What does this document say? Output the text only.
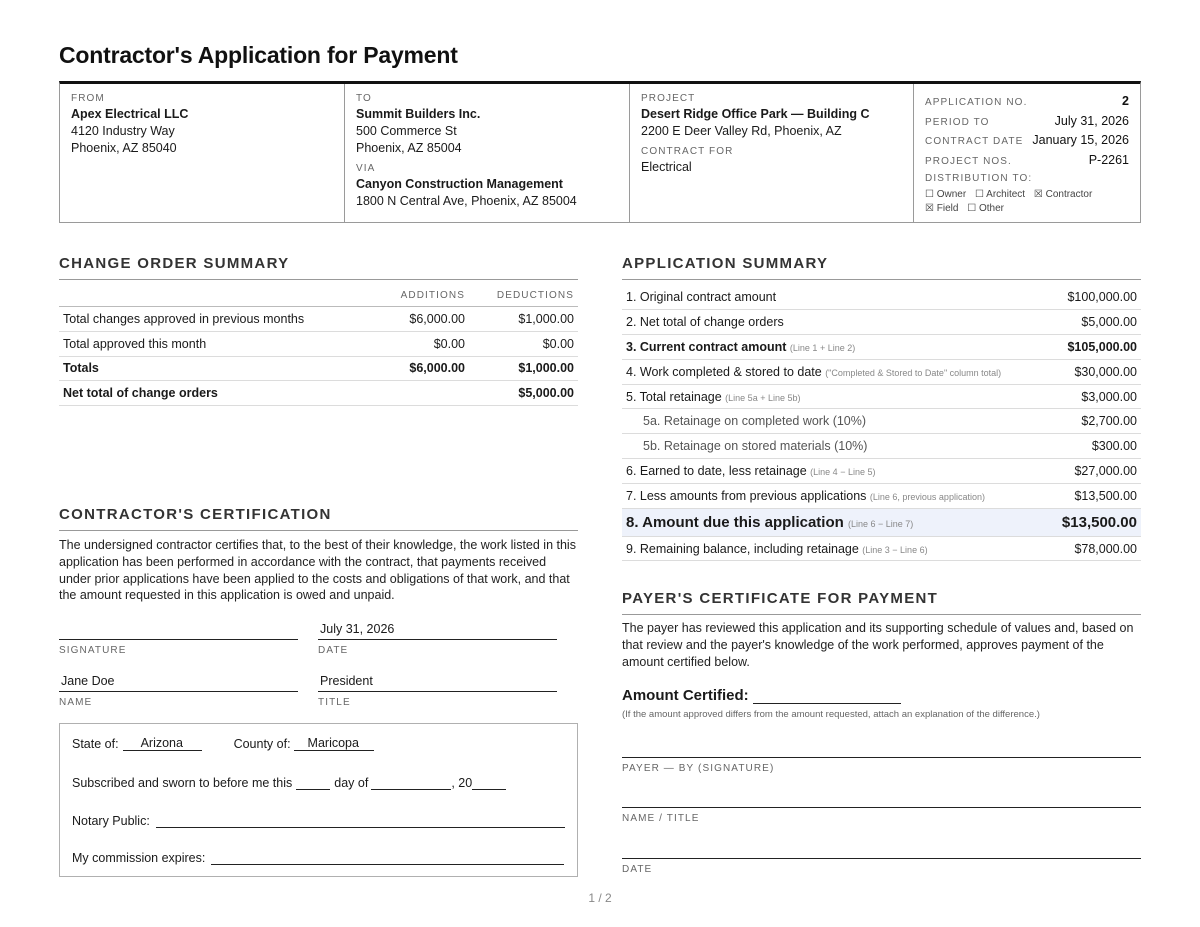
Contractor's Application for Payment
FROM
Apex Electrical LLC
4120 Industry Way
Phoenix, AZ 85040
TO
Summit Builders Inc.
500 Commerce St
Phoenix, AZ 85004
VIA
Canyon Construction Management
1800 N Central Ave, Phoenix, AZ 85004
PROJECT
Desert Ridge Office Park — Building C
2200 E Deer Valley Rd, Phoenix, AZ
CONTRACT FOR
Electrical
APPLICATION NO.	2
PERIOD TO	July 31, 2026
CONTRACT DATE January 15, 2026
PROJECT NOS.	P-2261
DISTRIBUTION TO:
☐ Owner ☐ Architect ☒ Contractor ☒ Field ☐ Other
CHANGE ORDER SUMMARY
	ADDITIONS	DEDUCTIONS
Total changes approved in previous months	$6,000.00	$1,000.00
Total approved this month	$0.00	$0.00
Totals	$6,000.00	$1,000.00
Net total of change orders		$5,000.00
APPLICATION SUMMARY
1. Original contract amount	$100,000.00
2. Net total of change orders	$5,000.00
3. Current contract amount (Line 1 + Line 2)	$105,000.00
4. Work completed & stored to date ("Completed & Stored to Date" column total)	$30,000.00
5. Total retainage (Line 5a + Line 5b)	$3,000.00
5a. Retainage on completed work (10%)	$2,700.00
5b. Retainage on stored materials (10%)	$300.00
6. Earned to date, less retainage (Line 4 − Line 5)	$27,000.00
7. Less amounts from previous applications (Line 6, previous application)	$13,500.00
8. Amount due this application (Line 6 − Line 7)	$13,500.00
9. Remaining balance, including retainage (Line 3 − Line 6)	$78,000.00
CONTRACTOR'S CERTIFICATION
The undersigned contractor certifies that, to the best of their knowledge, the work listed in this application has been performed in accordance with the contract, that payments received under prior applications have been applied to the costs and obligations of that work, and that the amount requested in this application is owed and unpaid.
SIGNATURE
July 31, 2026
DATE
Jane Doe
NAME
President
TITLE
State of:	Arizona	County of:	Maricopa
Subscribed and sworn to before me this	day of	, 20
Notary Public:
My commission expires:
PAYER'S CERTIFICATE FOR PAYMENT
The payer has reviewed this application and its supporting schedule of values and, based on that review and the payer's knowledge of the work performed, approves payment of the amount certified below.
Amount Certified:
(If the amount approved differs from the amount requested, attach an explanation of the difference.)
PAYER — BY (SIGNATURE)
NAME / TITLE
DATE
1 / 2
